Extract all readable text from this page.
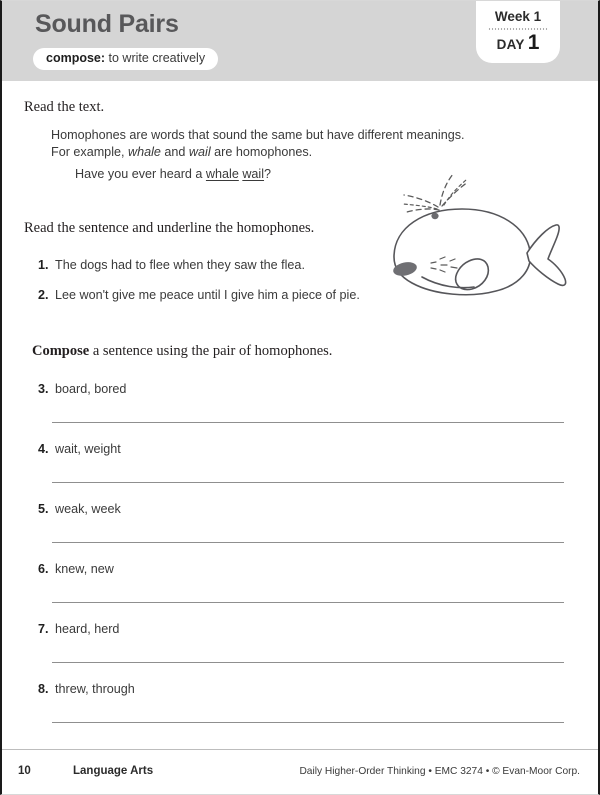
Sound Pairs
compose: to write creatively
Week 1
DAY 1
Read the text.
Homophones are words that sound the same but have different meanings.
For example, whale and wail are homophones.
Have you ever heard a whale wail?
Read the sentence and underline the homophones.
1. The dogs had to flee when they saw the flea.
2. Lee won't give me peace until I give him a piece of pie.
Compose a sentence using the pair of homophones.
3. board, bored
4. wait, weight
5. weak, week
6. knew, new
7. heard, herd
8. threw, through
10	Language Arts	Daily Higher-Order Thinking • EMC 3274 • © Evan-Moor Corp.
